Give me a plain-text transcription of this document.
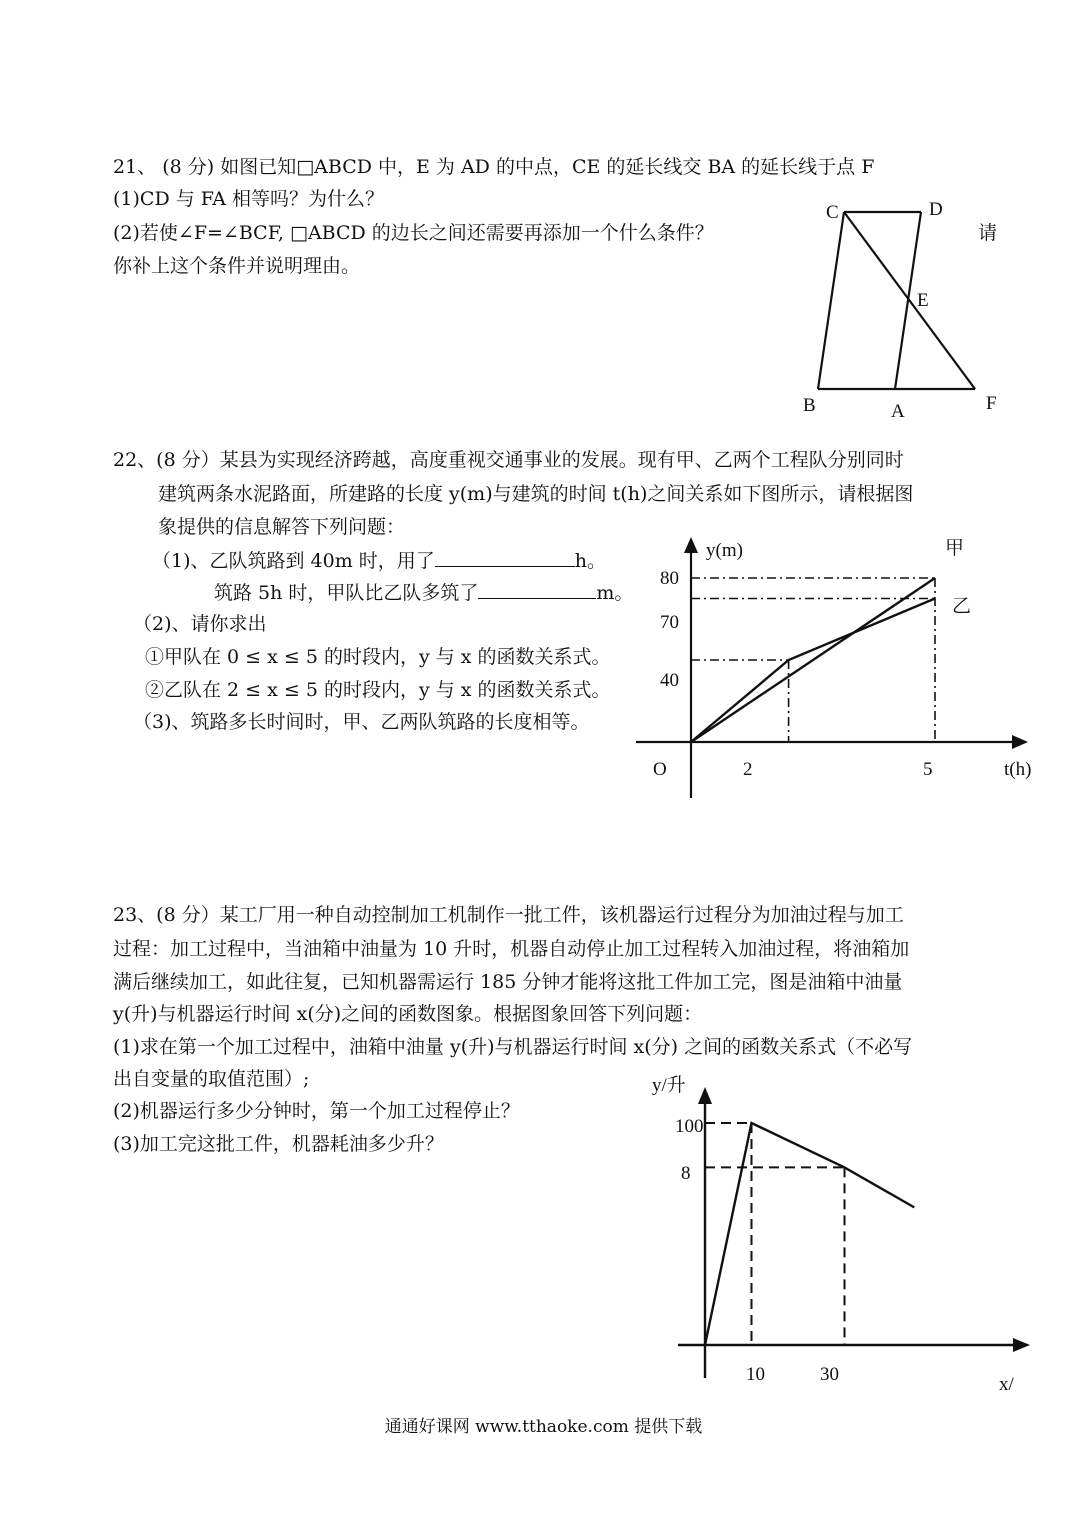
21、 (8 分) 如图已知□ABCD 中，E 为 AD 的中点，CE 的延长线交 BA 的延长线于点 F
(1)CD 与 FA 相等吗？为什么？
(2)若使∠F=∠BCF, □ABCD 的边长之间还需要再添加一个什么条件？	请
你补上这个条件并说明理由。
C	D
E
B	A	F
22、(8 分）某县为实现经济跨越，高度重视交通事业的发展。现有甲、乙两个工程队分别同时
建筑两条水泥路面，所建路的长度 y(m)与建筑的时间 t(h)之间关系如下图所示，请根据图
象提供的信息解答下列问题：
（1)、乙队筑路到 40m 时，用了	h。
筑路 5h 时，甲队比乙队多筑了	m。
（2)、请你求出
①甲队在 0 ≤ x ≤ 5 的时段内，y 与 x 的函数关系式。
②乙队在 2 ≤ x ≤ 5 的时段内，y 与 x 的函数关系式。
（3)、筑路多长时间时，甲、乙两队筑路的长度相等。
y(m)
t(h)
O
80
70
40
2	5
甲
乙
23、(8 分）某工厂用一种自动控制加工机制作一批工件，该机器运行过程分为加油过程与加工
过程：加工过程中，当油箱中油量为 10 升时，机器自动停止加工过程转入加油过程，将油箱加
满后继续加工，如此往复，已知机器需运行 185 分钟才能将这批工件加工完，图是油箱中油量
y(升)与机器运行时间 x(分)之间的函数图象。根据图象回答下列问题：
(1)求在第一个加工过程中，油箱中油量 y(升)与机器运行时间 x(分) 之间的函数关系式（不必写
出自变量的取值范围）;
(2)机器运行多少分钟时，第一个加工过程停止？
(3)加工完这批工件，机器耗油多少升？
y/升
x/
100
8
10	30
通通好课网 www.tthaoke.com 提供下载
